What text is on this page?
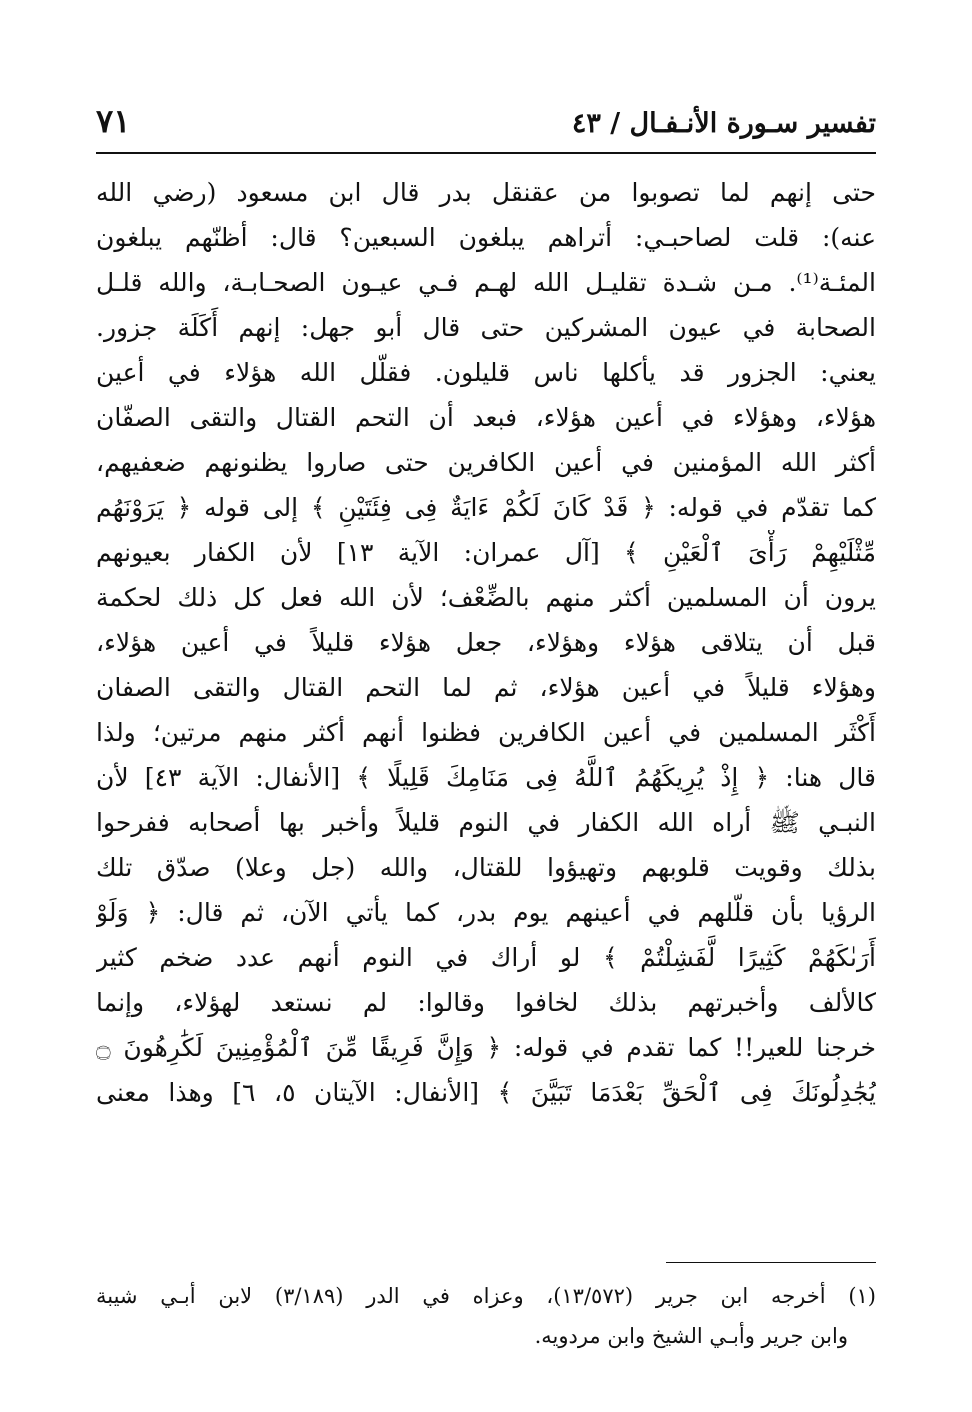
تفسير سـورة الأنـفـال / ٤٣
٧١
حتى إنهم لما تصوبوا من عقنقل بدر قال ابن مسعود (رضي الله
عنه): قلت لصاحبـي: أتراهم يبلغون السبعين؟ قال: أظنّهم يبلغون
المئـة⁽¹⁾. مـن شـدة تقليـل الله لهـم فـي عيـون الصحـابـة، والله قلـل
الصحابة في عيون المشركين حتى قال أبو جهل: إنهم أَكَلَة جزور.
يعني: الجزور قد يأكلها ناس قليلون. فقلّل الله هؤلاء في أعين
هؤلاء، وهؤلاء في أعين هؤلاء، فبعد أن التحم القتال والتقى الصفّان
أكثر الله المؤمنين في أعين الكافرين حتى صاروا يظنونهم ضعفيهم،
كما تقدّم في قوله: ﴿ قَدْ كَانَ لَكُمْ ءَايَةٌ فِى فِئَتَيْنِ ﴾ إلى قوله ﴿ يَرَوْنَهُم
مِّثْلَيْهِمْ رَأْىَ ٱلْعَيْنِ ﴾ [آل عمران: الآية ١٣] لأن الكفار بعيونهم
يرون أن المسلمين أكثر منهم بالضِّعْف؛ لأن الله فعل كل ذلك لحكمة
قبل أن يتلاقى هؤلاء وهؤلاء، جعل هؤلاء قليلاً في أعين هؤلاء،
وهؤلاء قليلاً في أعين هؤلاء، ثم لما التحم القتال والتقى الصفان
أَكْثَر المسلمين في أعين الكافرين فظنوا أنهم أكثر منهم مرتين؛ ولذا
قال هنا: ﴿ إِذْ يُرِيكَهُمُ ٱللَّهُ فِى مَنَامِكَ قَلِيلًا ﴾ [الأنفال: الآية ٤٣] لأن
النبـي ﷺ أراه الله الكفار في النوم قليلاً وأخبر بها أصحابه ففرحوا
بذلك وقويت قلوبهم وتهيؤوا للقتال، والله (جل وعلا) صدّق تلك
الرؤيا بأن قلّلهم في أعينهم يوم بدر، كما يأتي الآن، ثم قال: ﴿ وَلَوْ
أَرَىٰكَهُمْ كَثِيرًا لَّفَشِلْتُمْ ﴾ لو أراك في النوم أنهم عدد ضخم كثير
كالألف وأخبرتهم بذلك لخافوا وقالوا: لم نستعد لهؤلاء، وإنما
خرجنا للعير!! كما تقدم في قوله: ﴿ وَإِنَّ فَرِيقًا مِّنَ ٱلْمُؤْمِنِينَ لَكَٰرِهُونَ ۝
يُجَٰدِلُونَكَ فِى ٱلْحَقِّ بَعْدَمَا تَبَيَّنَ ﴾ [الأنفال: الآيتان ٥، ٦] وهذا معنى
(١) أخرجه ابن جرير (١٣/٥٧٢)، وعزاه في الدر (٣/١٨٩) لابن أبـي شيبة
وابن جرير وأبـي الشيخ وابن مردويه.
